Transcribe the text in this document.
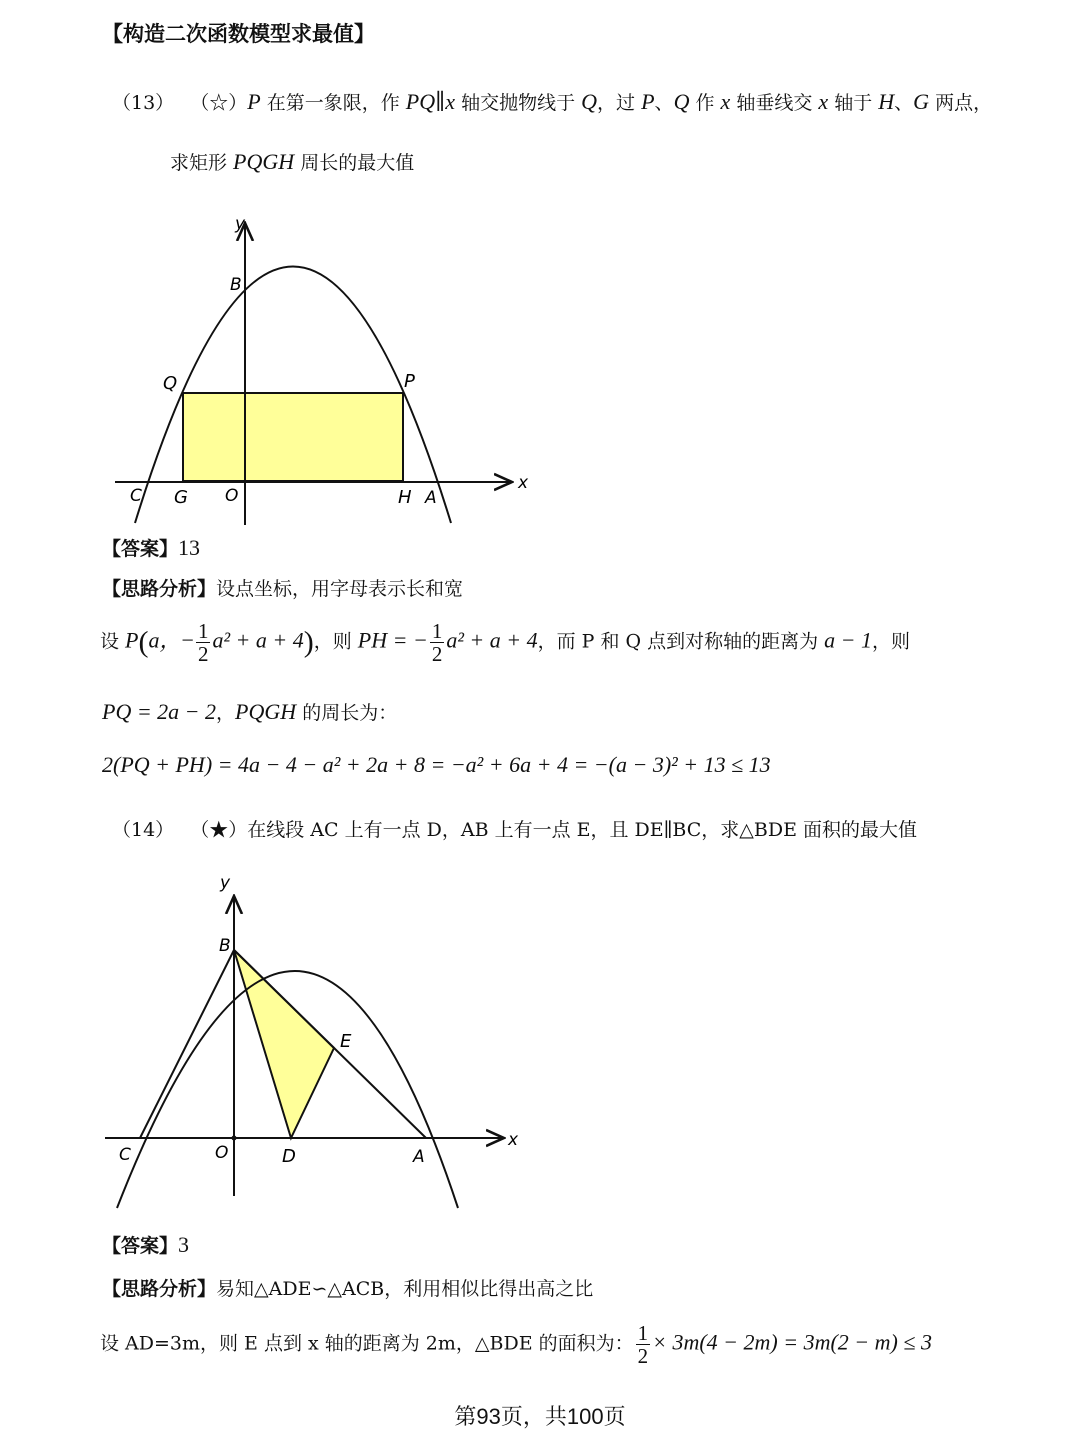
【构造二次函数模型求最值】
（13） （☆）P 在第一象限，作 PQ∥x 轴交抛物线于 Q，过 P、Q 作 x 轴垂线交 x 轴于 H、G 两点，
求矩形 PQGH 周长的最大值
y
x
B
Q	P
C G O	H A
【答案】13
【思路分析】设点坐标，用字母表示长和宽
设 P(a，− $\frac{1}{2} a^2 + a + 4$)，则 PH = − $\frac{1}{2} a^2 + a + 4$，而 P 和 Q 点到对称轴的距离为 a − 1，则
PQ = 2a − 2，PQGH 的周长为：
2(PQ + PH) = 4a − 4 − a² + 2a + 8 = −a² + 6a + 4 = −(a − 3)² + 13 ≤ 13
（14） （★）在线段 AC 上有一点 D，AB 上有一点 E，且 DE∥BC，求△BDE 面积的最大值
y
x
B
E
C	O	D	A
【答案】3
【思路分析】易知△ADE∽△ACB，利用相似比得出高之比
设 AD=3m，则 E 点到 x 轴的距离为 2m，△BDE 的面积为： $\frac{1}{2} \times 3m(4 - 2m) = 3m(2 - m) \le 3$
第93页，共100页
